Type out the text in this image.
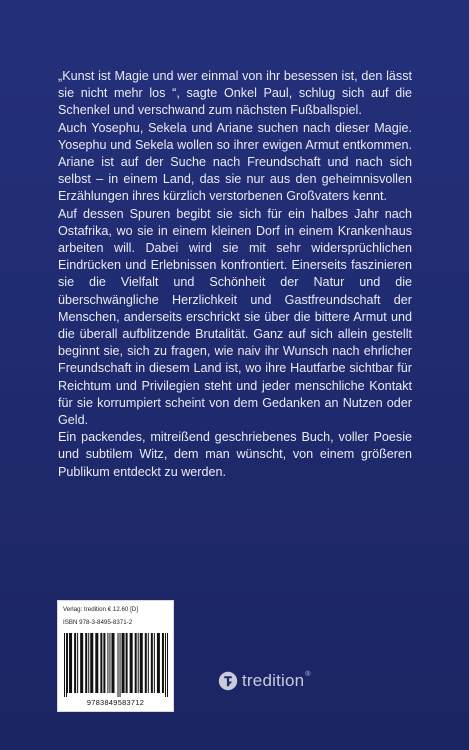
„Kunst ist Magie und wer einmal von ihr besessen ist, den lässt sie nicht mehr los “, sagte Onkel Paul, schlug sich auf die Schenkel und verschwand zum nächsten Fußballspiel.

Auch Yosephu, Sekela und Ariane suchen nach dieser Magie. Yosephu und Sekela wollen so ihrer ewigen Armut entkommen. Ariane ist auf der Suche nach Freundschaft und nach sich selbst – in einem Land, das sie nur aus den geheimnisvollen Erzählungen ihres kürzlich verstorbenen Großvaters kennt.

Auf dessen Spuren begibt sie sich für ein halbes Jahr nach Ostafrika, wo sie in einem kleinen Dorf in einem Krankenhaus arbeiten will. Dabei wird sie mit sehr widersprüchlichen Eindrücken und Erlebnissen konfrontiert. Einerseits faszinieren sie die Vielfalt und Schönheit der Natur und die überschwängliche Herzlichkeit und Gastfreundschaft der Menschen, anderseits erschrickt sie über die bittere Armut und die überall aufblitzende Brutalität. Ganz auf sich allein gestellt beginnt sie, sich zu fragen, wie naiv ihr Wunsch nach ehrlicher Freundschaft in diesem Land ist, wo ihre Hautfarbe sichtbar für Reichtum und Privilegien steht und jeder menschliche Kontakt für sie korrumpiert scheint von dem Gedanken an Nutzen oder Geld.

Ein packendes, mitreißend geschriebenes Buch, voller Poesie und subtilem Witz, dem man wünscht, von einem größeren Publikum entdeckt zu werden.

Verlag: tredition € 12.60 [D]
ISBN 978-3-8495-8371-2
9783849583712
tredition ®
